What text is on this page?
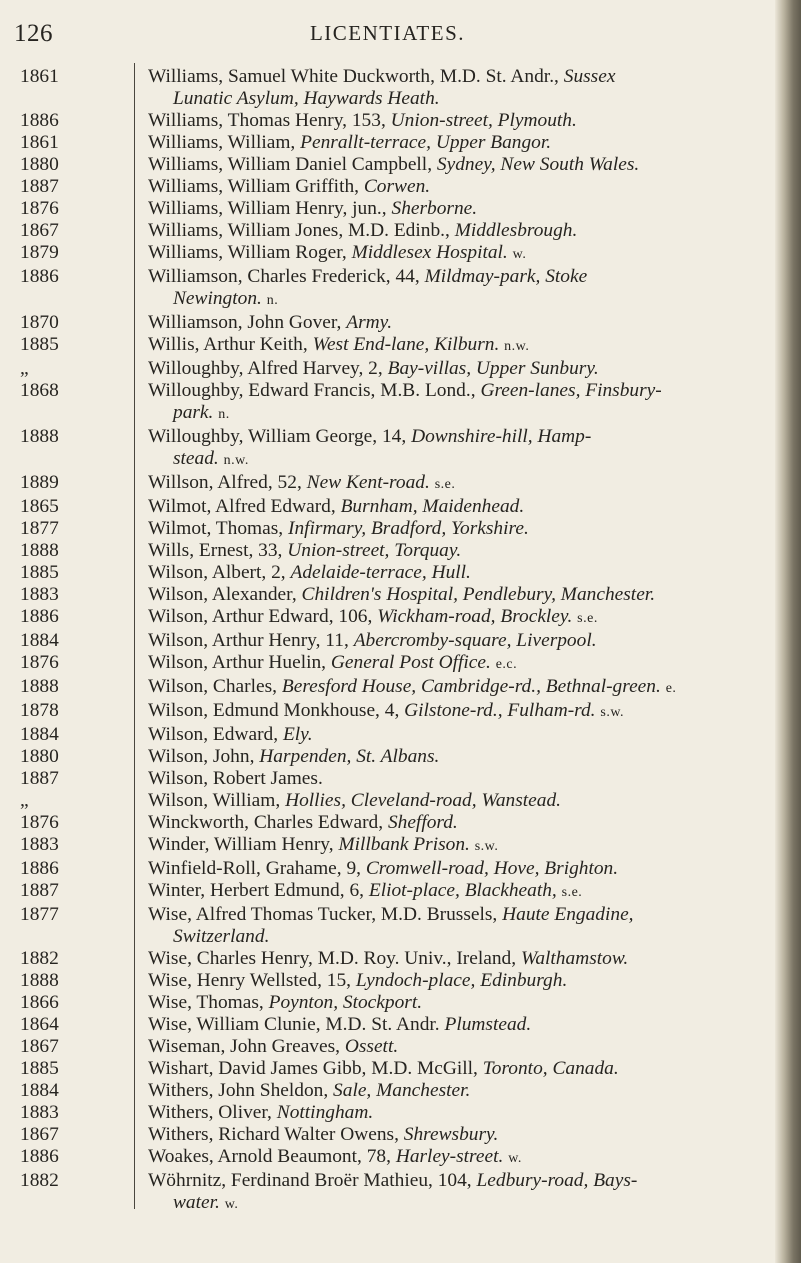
126	LICENTIATES.
1861	Williams, Samuel White Duckworth, M.D. St. Andr., Sussex
Lunatic Asylum, Haywards Heath.
1886	Williams, Thomas Henry, 153, Union-street, Plymouth.
1861	Williams, William, Penrallt-terrace, Upper Bangor.
1880	Williams, William Daniel Campbell, Sydney, New South Wales.
1887	Williams, William Griffith, Corwen.
1876	Williams, William Henry, jun., Sherborne.
1867	Williams, William Jones, M.D. Edinb., Middlesbrough.
1879	Williams, William Roger, Middlesex Hospital. w.
1886	Williamson, Charles Frederick, 44, Mildmay-park, Stoke
Newington. n.
1870	Williamson, John Gover, Army.
1885	Willis, Arthur Keith, West End-lane, Kilburn. n.w.
„	Willoughby, Alfred Harvey, 2, Bay-villas, Upper Sunbury.
1868	Willoughby, Edward Francis, M.B. Lond., Green-lanes, Finsbury-
park. n.
1888	Willoughby, William George, 14, Downshire-hill, Hamp-
stead. n.w.
1889	Willson, Alfred, 52, New Kent-road. s.e.
1865	Wilmot, Alfred Edward, Burnham, Maidenhead.
1877	Wilmot, Thomas, Infirmary, Bradford, Yorkshire.
1888	Wills, Ernest, 33, Union-street, Torquay.
1885	Wilson, Albert, 2, Adelaide-terrace, Hull.
1883	Wilson, Alexander, Children's Hospital, Pendlebury, Manchester.
1886	Wilson, Arthur Edward, 106, Wickham-road, Brockley. s.e.
1884	Wilson, Arthur Henry, 11, Abercromby-square, Liverpool.
1876	Wilson, Arthur Huelin, General Post Office. e.c.
1888	Wilson, Charles, Beresford House, Cambridge-rd., Bethnal-green. e.
1878	Wilson, Edmund Monkhouse, 4, Gilstone-rd., Fulham-rd. s.w.
1884	Wilson, Edward, Ely.
1880	Wilson, John, Harpenden, St. Albans.
1887	Wilson, Robert James.
„	Wilson, William, Hollies, Cleveland-road, Wanstead.
1876	Winckworth, Charles Edward, Shefford.
1883	Winder, William Henry, Millbank Prison. s.w.
1886	Winfield-Roll, Grahame, 9, Cromwell-road, Hove, Brighton.
1887	Winter, Herbert Edmund, 6, Eliot-place, Blackheath, s.e.
1877	Wise, Alfred Thomas Tucker, M.D. Brussels, Haute Engadine,
Switzerland.
1882	Wise, Charles Henry, M.D. Roy. Univ., Ireland, Walthamstow.
1888	Wise, Henry Wellsted, 15, Lyndoch-place, Edinburgh.
1866	Wise, Thomas, Poynton, Stockport.
1864	Wise, William Clunie, M.D. St. Andr. Plumstead.
1867	Wiseman, John Greaves, Ossett.
1885	Wishart, David James Gibb, M.D. McGill, Toronto, Canada.
1884	Withers, John Sheldon, Sale, Manchester.
1883	Withers, Oliver, Nottingham.
1867	Withers, Richard Walter Owens, Shrewsbury.
1886	Woakes, Arnold Beaumont, 78, Harley-street. w.
1882	Wöhrnitz, Ferdinand Broër Mathieu, 104, Ledbury-road, Bays-
water. w.
